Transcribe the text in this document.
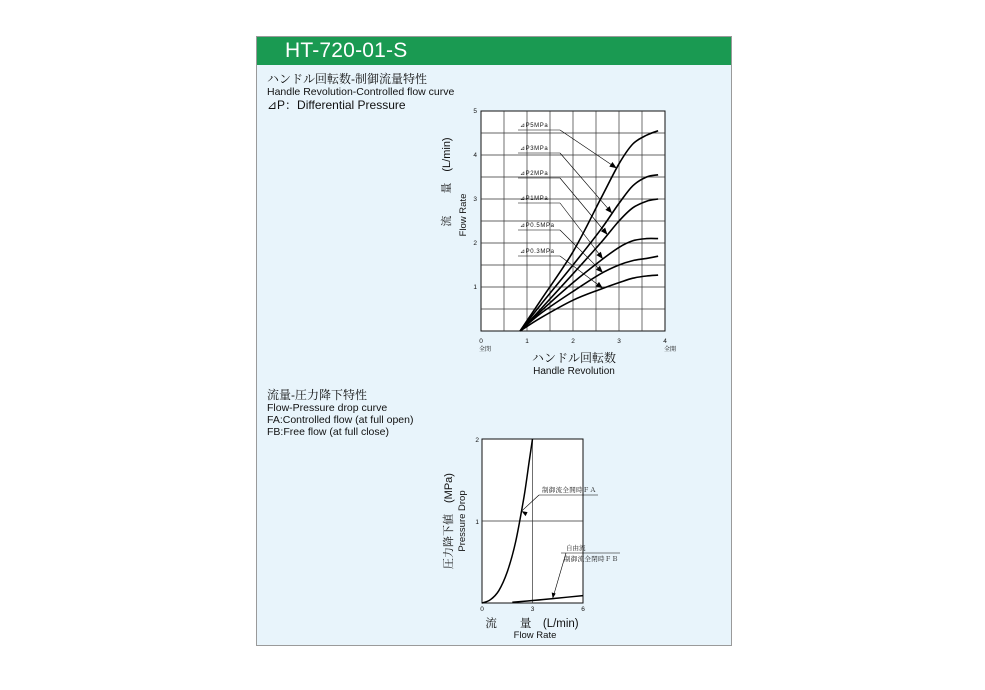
HT-720-01-S
ハンドル回転数-制御流量特性
Handle Revolution-Controlled flow curve
⊿P：Differential Pressure
流量-圧力降下特性
Flow-Pressure drop curve
FA:Controlled flow (at full open)
FB:Free flow (at full close)
0	1	2	3	4
1
2
3
4
5
⊿P5MPa
⊿P3MPa
⊿P2MPa
⊿P1MPa
⊿P0.5MPa
⊿P0.3MPa
流　　量　(L/min) Flow Rate
全閉	全開
ハンドル回転数
Handle Revolution
0	3	6
1
2
制御流全開時ＦＡ
自由流
制御流全閉時ＦＢ
圧力降下値　(MPa) Pressure Drop
流　　量　(L/min)
Flow Rate
